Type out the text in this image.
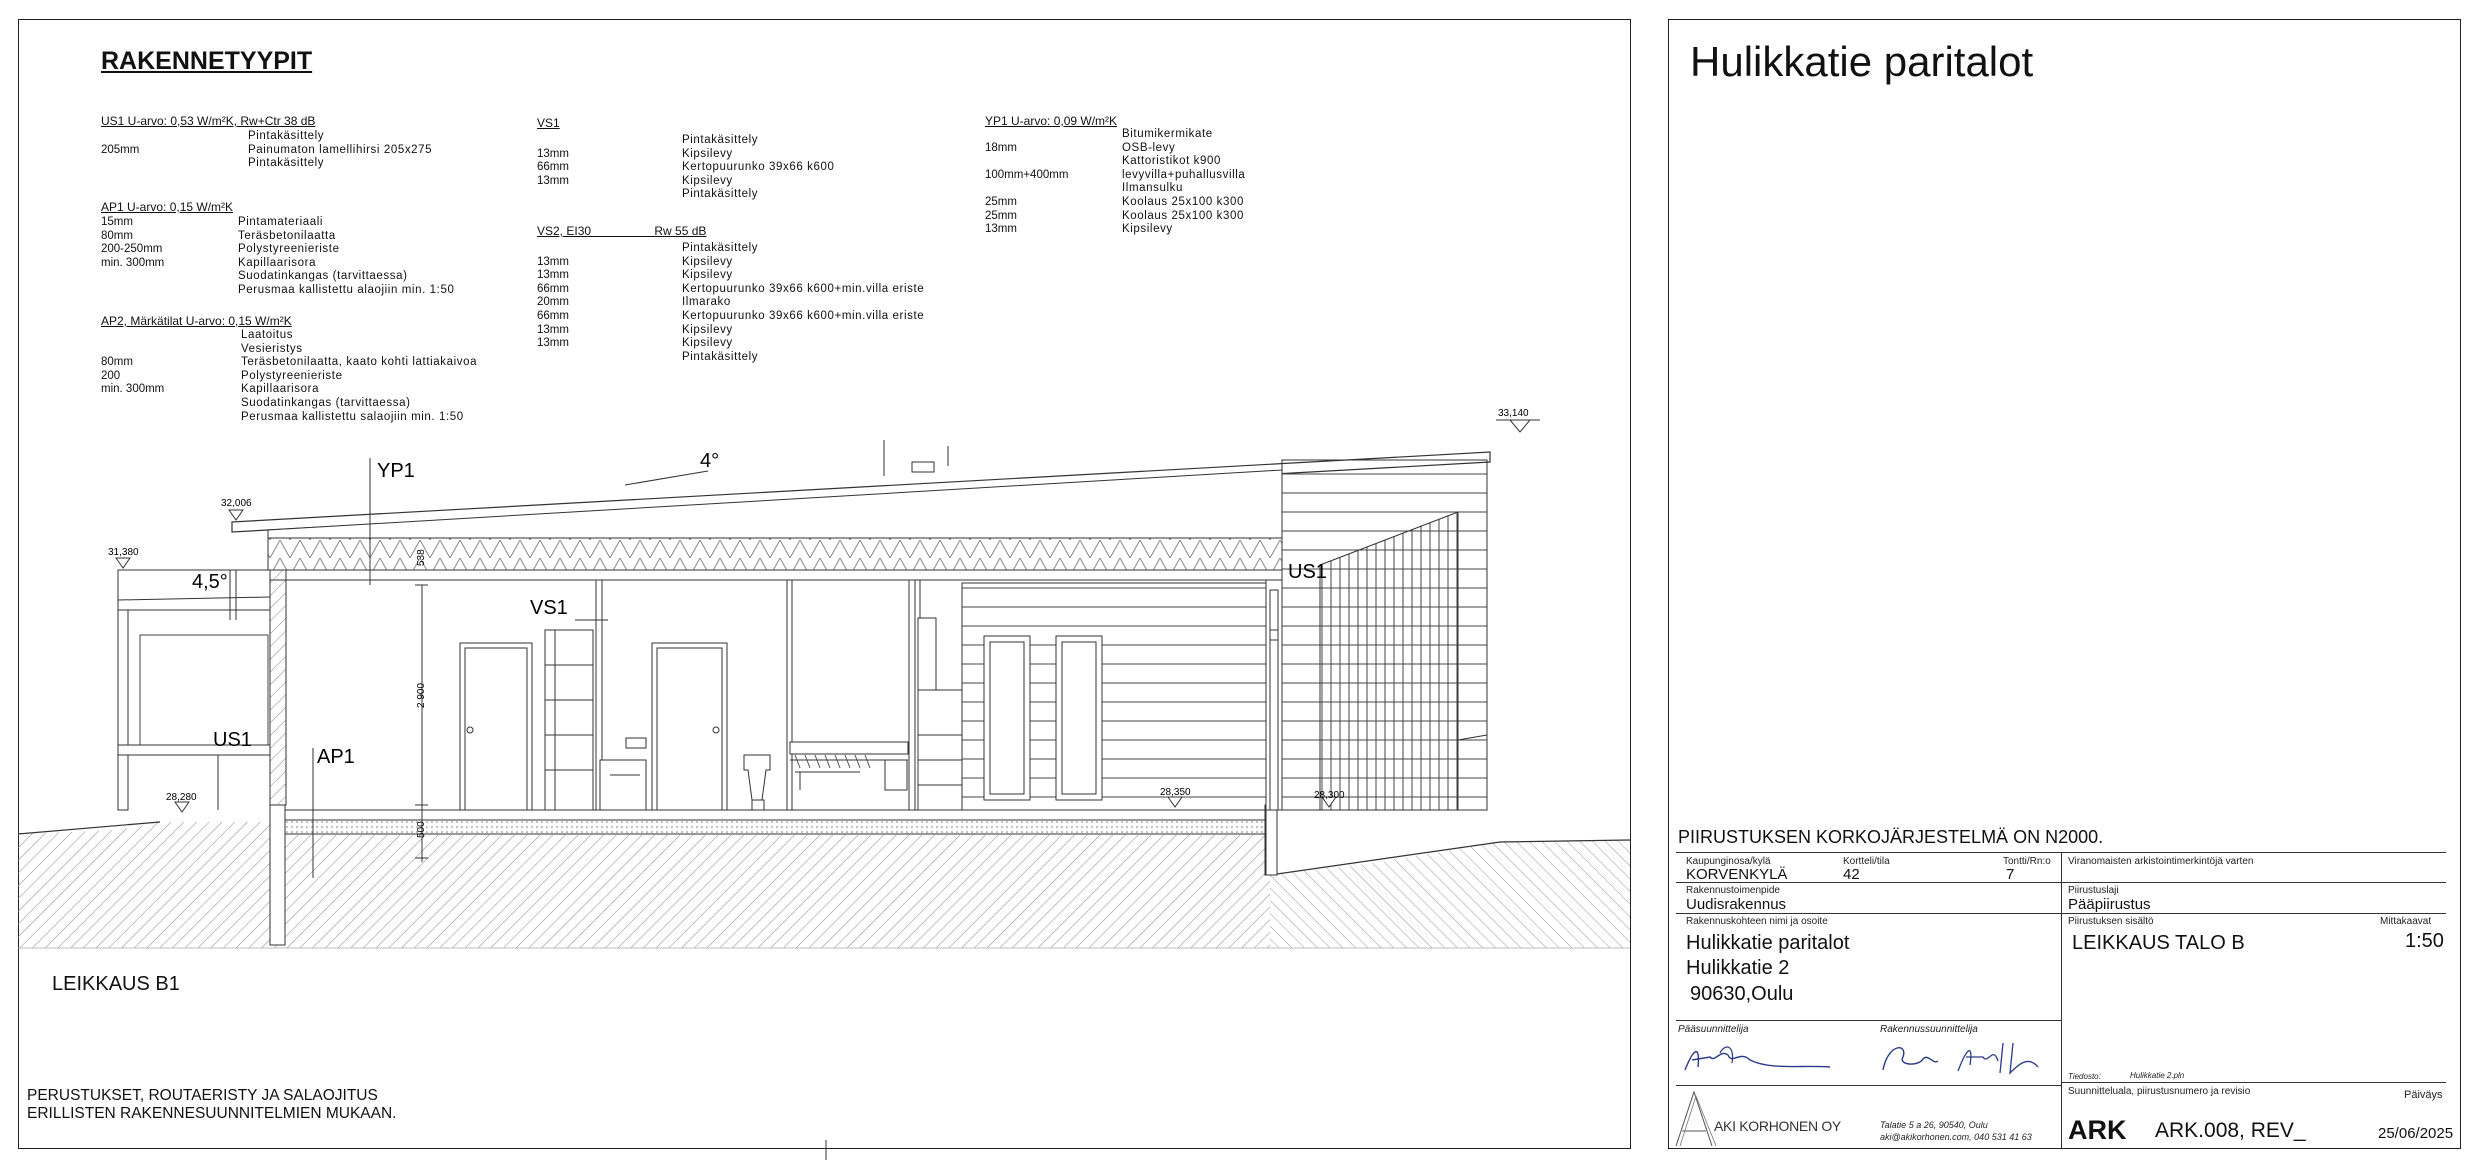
RAKENNETYYPIT
US1 U-arvo: 0,53 W/m²K, Rw+Ctr 38 dB
Pintakäsittely
205mm	Painumaton lamellihirsi 205x275
Pintakäsittely
AP1 U-arvo: 0,15 W/m²K
15mm	Pintamateriaali
80mm	Teräsbetonilaatta
200-250mm	Polystyreenieriste
min. 300mm	Kapillaarisora
Suodatinkangas (tarvittaessa)
Perusmaa kallistettu alaojiin min. 1:50
AP2, Märkätilat U-arvo: 0,15 W/m²K
Laatoitus
Vesieristys
80mm	Teräsbetonilaatta, kaato kohti lattiakaivoa
200	Polystyreenieriste
min. 300mm	Kapillaarisora
Suodatinkangas (tarvittaessa)
Perusmaa kallistettu salaojiin min. 1:50
VS1
Pintakäsittely
13mm	Kipsilevy
66mm	Kertopuurunko 39x66 k600
13mm	Kipsilevy
Pintakäsittely
VS2, EI30                   Rw 55 dB
Pintakäsittely
13mm	Kipsilevy
13mm	Kipsilevy
66mm	Kertopuurunko 39x66 k600+min.villa eriste
20mm	Ilmarako
66mm	Kertopuurunko 39x66 k600+min.villa eriste
13mm	Kipsilevy
13mm	Kipsilevy
Pintakäsittely
YP1 U-arvo: 0,09 W/m²K
Bitumikermikate
18mm	OSB-levy
Kattoristikot k900
100mm+400mm	levyvilla+puhallusvilla
Ilmansulku
25mm	Koolaus 25x100 k300
25mm	Koolaus 25x100 k300
13mm	Kipsilevy
YP1	4°
4,5°
VS1
US1
AP1
US1
33,140
32,006
31,380
28,280	28,350	28,300
538
2 900
500
LEIKKAUS B1
PERUSTUKSET, ROUTAERISTY JA SALAOJITUS
ERILLISTEN RAKENNESUUNNITELMIEN MUKAAN.
Hulikkatie paritalot
PIIRUSTUKSEN KORKOJÄRJESTELMÄ ON N2000.
Kaupunginosa/kylä
KORVENKYLÄ
Kortteli/tila
42
Tontti/Rn:o
7
Viranomaisten arkistointimerkintöjä varten
Rakennustoimenpide
Uudisrakennus
Piirustuslaji
Pääpiirustus
Rakennuskohteen nimi ja osoite
Hulikkatie paritalot
Hulikkatie 2
90630,Oulu
Piirustuksen sisältö
LEIKKAUS TALO B
Mittakaavat
1:50
Pääsuunnittelija	Rakennussuunnittelija
Tiedosto:	Hulikkatie 2.pln
Suunnitteluala, piirustusnumero ja revisio	Päiväys
ARK ARK.008, REV_	25/06/2025
AKI KORHONEN OY	Talatie 5 a 26, 90540, Oulu
aki@akikorhonen.com, 040 531 41 63
